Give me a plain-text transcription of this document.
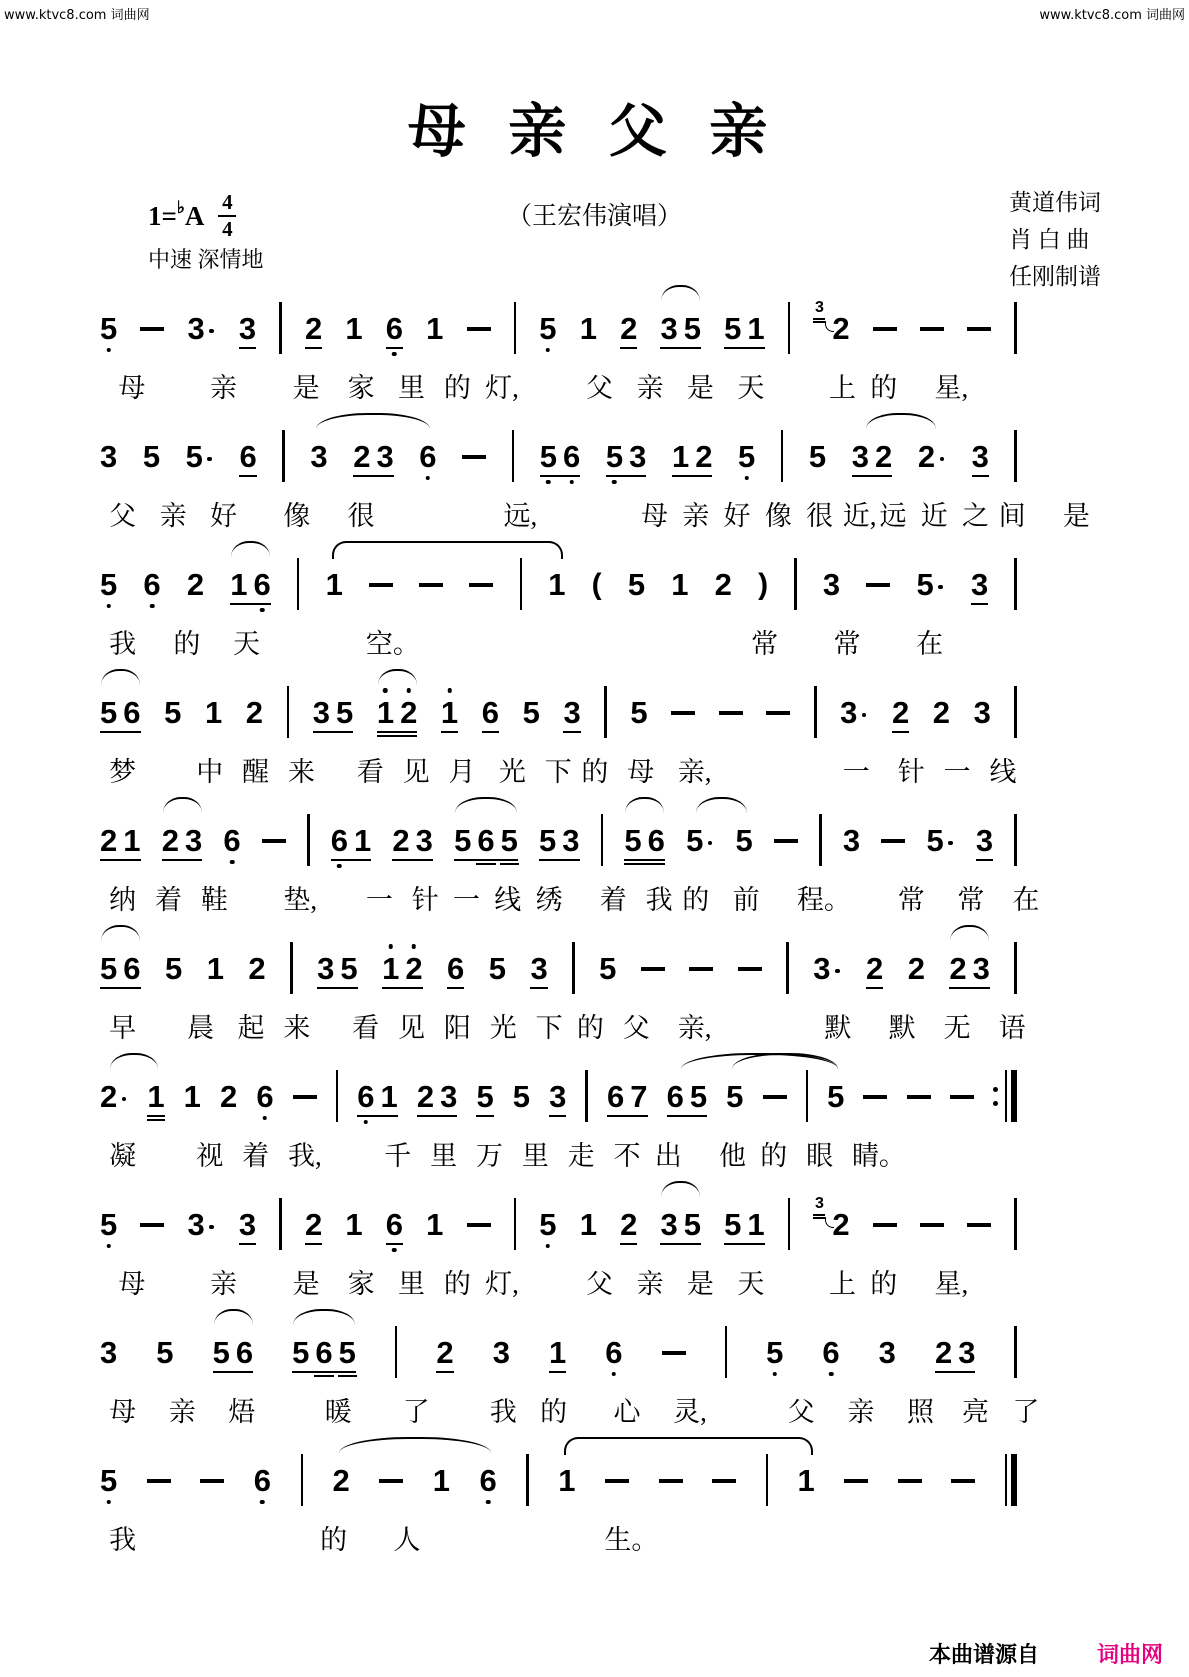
www.ktvc8.com 词曲网	www.ktvc8.com 词曲网
母 亲 父 亲
（王宏伟演唱）
黄道伟词
肖 白 曲
任刚制谱
1 = ♭ A $\frac{4}{4}$
中速 深情地
5 3 3 2 1 6 1	5 1 2 3 5 5 1
3
2
母 亲 是 家 里 的 灯, 父 亲 是 天 上 的 星,
3 5 5 6 3 2 3 6	5 6 5 3 1 2 5 5 3 2 2 3
父 亲 好 像 很	远,	母 亲 好 像 很 近, 远 近 之 间 是
5 6 2 1 6 1	1 ( 5 1 2 ) 3 5 3
我 的 天	空。	常 常 在
5 6 5 1 2 3 5 1 2 1 6 5 3 5	3 2 2 3
梦 中 醒 来 看 见 月 光 下 的 母 亲,	一 针 一 线
2 1 2 3 6	6 1 2 3 5 6 5 5 3 5 6 5 5	3 5 3
纳 着 鞋 垫, 一 针 一 线 绣 着 我 的 前 程。 常 常 在
5 6 5 1 2 3 5 1 2 6 5 3 5	3 2 2 2 3
早 晨 起 来 看 见 阳 光 下 的 父 亲,	默 默 无 语
2 1 1 2 6	6 1 2 3 5 5 3 6 7 6 5 5	5
凝 视 着 我, 千 里 万 里 走 不 出 他 的 眼 睛。
5 3 3 2 1 6 1	5 1 2 3 5 5 1
3
2
母 亲 是 家 里 的 灯, 父 亲 是 天 上 的 星,
3 5 5 6 5 6 5	2 3 1 6	5 6 3 2 3
母 亲 焐	暖 了 我 的 心 灵,	父 亲 照 亮 了
5	6 2	1 6 1	1
我	的 人	生。
本曲谱源自	词曲网
